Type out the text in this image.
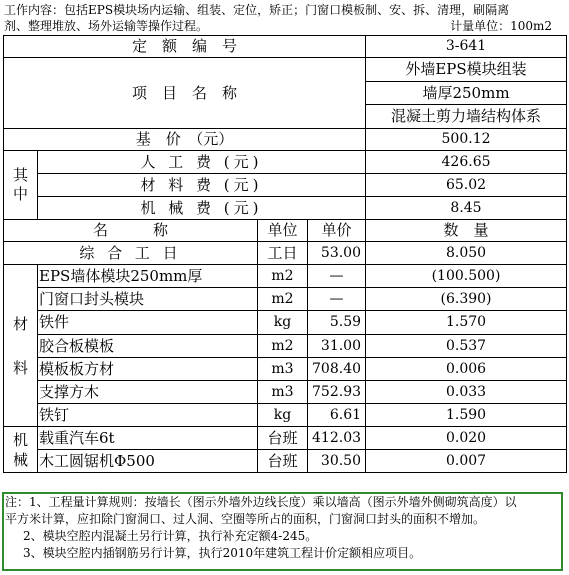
工作内容：包括EPS模块场内运输、组装、定位，矫正；门窗口模板制、安、拆、清理，刷隔离
剂、整理堆放、场外运输等操作过程。	计量单位：100m2
定　额　编　号				3-641
项　目　名　称				外墙EPS模块组装
				墙厚250mm
				混凝土剪力墙结构体系
基　价　（元）				500.12
其中	人 工 费 (元)			426.65
	材 料 费 (元)			65.02
	机 械 费 (元)			8.45
名　　　称		单位	单价	数　量
综 合 工 日		工日	53.00	8.050
材料	EPS墙体模块250mm厚	m2	—	(100.500)
	门窗口封头模块	m2	—	(6.390)
	铁件	kg	5.59	1.570
	胶合板模板	m2	31.00	0.537
	模板板方材	m3	708.40	0.006
	支撑方木	m3	752.93	0.033
	铁钉	kg	6.61	1.590
机械	载重汽车6t	台班	412.03	0.020
	木工圆锯机Φ500	台班	30.50	0.007
注：1、工程量计算规则：按墙长（图示外墙外边线长度）乘以墙高（图示外墙外侧砌筑高度）以
平方米计算，应扣除门窗洞口、过人洞、空圈等所占的面积，门窗洞口封头的面积不增加。
2、模块空腔内混凝土另行计算，执行补充定额4-245。
3、模块空腔内插钢筋另行计算，执行2010年建筑工程计价定额相应项目。
